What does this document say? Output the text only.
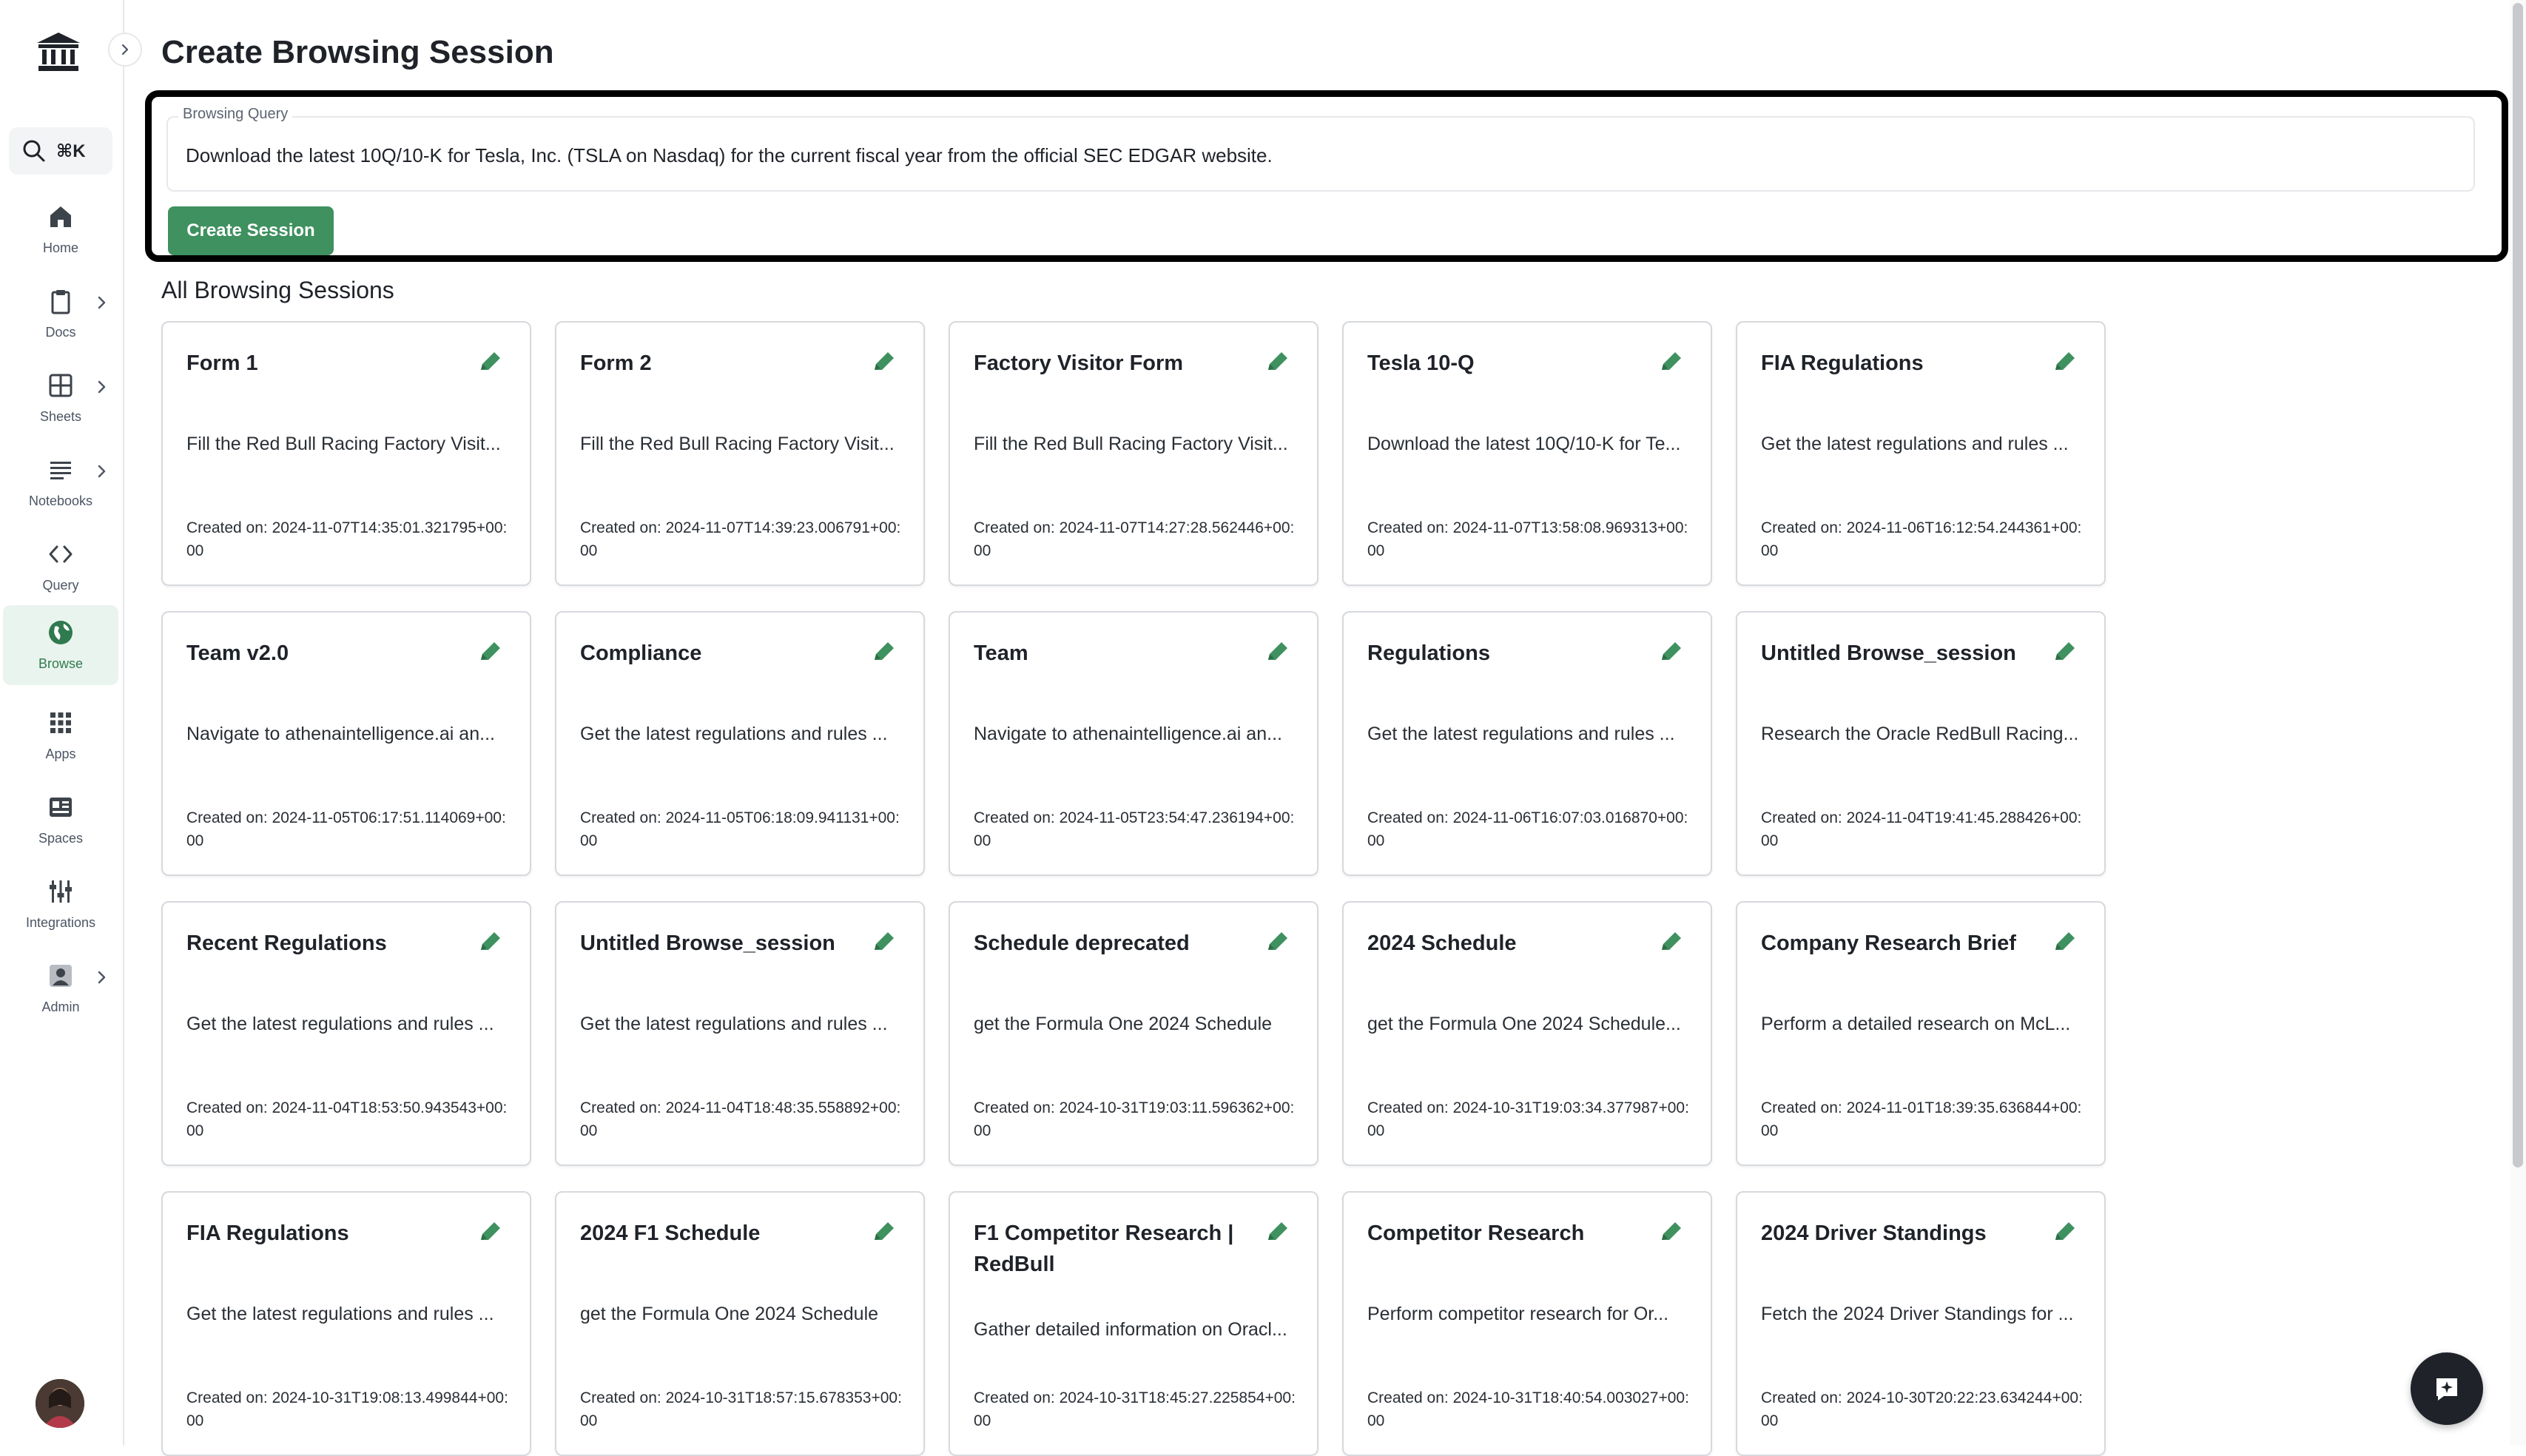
⌘K
Home
Docs
Sheets
Notebooks
Query
Browse
Apps
Spaces
Integrations
Admin
Create Browsing Session
Browsing Query
Download the latest 10Q/10-K for Tesla, Inc. (TSLA on Nasdaq) for the current fiscal year from the official SEC EDGAR website.
Create Session
All Browsing Sessions
Form 1
Fill the Red Bull Racing Factory Visit...
Created on: 2024-11-07T14:35:01.321795+00:00
Form 2
Fill the Red Bull Racing Factory Visit...
Created on: 2024-11-07T14:39:23.006791+00:00
Factory Visitor Form
Fill the Red Bull Racing Factory Visit...
Created on: 2024-11-07T14:27:28.562446+00:00
Tesla 10-Q
Download the latest 10Q/10-K for Te...
Created on: 2024-11-07T13:58:08.969313+00:00
FIA Regulations
Get the latest regulations and rules ...
Created on: 2024-11-06T16:12:54.244361+00:00
Team v2.0
Navigate to athenaintelligence.ai an...
Created on: 2024-11-05T06:17:51.114069+00:00
Compliance
Get the latest regulations and rules ...
Created on: 2024-11-05T06:18:09.941131+00:00
Team
Navigate to athenaintelligence.ai an...
Created on: 2024-11-05T23:54:47.236194+00:00
Regulations
Get the latest regulations and rules ...
Created on: 2024-11-06T16:07:03.016870+00:00
Untitled Browse_session
Research the Oracle RedBull Racing...
Created on: 2024-11-04T19:41:45.288426+00:00
Recent Regulations
Get the latest regulations and rules ...
Created on: 2024-11-04T18:53:50.943543+00:00
Untitled Browse_session
Get the latest regulations and rules ...
Created on: 2024-11-04T18:48:35.558892+00:00
Schedule deprecated
get the Formula One 2024 Schedule
Created on: 2024-10-31T19:03:11.596362+00:00
2024 Schedule
get the Formula One 2024 Schedule...
Created on: 2024-10-31T19:03:34.377987+00:00
Company Research Brief
Perform a detailed research on McL...
Created on: 2024-11-01T18:39:35.636844+00:00
FIA Regulations
Get the latest regulations and rules ...
Created on: 2024-10-31T19:08:13.499844+00:00
2024 F1 Schedule
get the Formula One 2024 Schedule
Created on: 2024-10-31T18:57:15.678353+00:00
F1 Competitor Research | RedBull
Gather detailed information on Oracl...
Created on: 2024-10-31T18:45:27.225854+00:00
Competitor Research
Perform competitor research for Or...
Created on: 2024-10-31T18:40:54.003027+00:00
2024 Driver Standings
Fetch the 2024 Driver Standings for ...
Created on: 2024-10-30T20:22:23.634244+00:00
